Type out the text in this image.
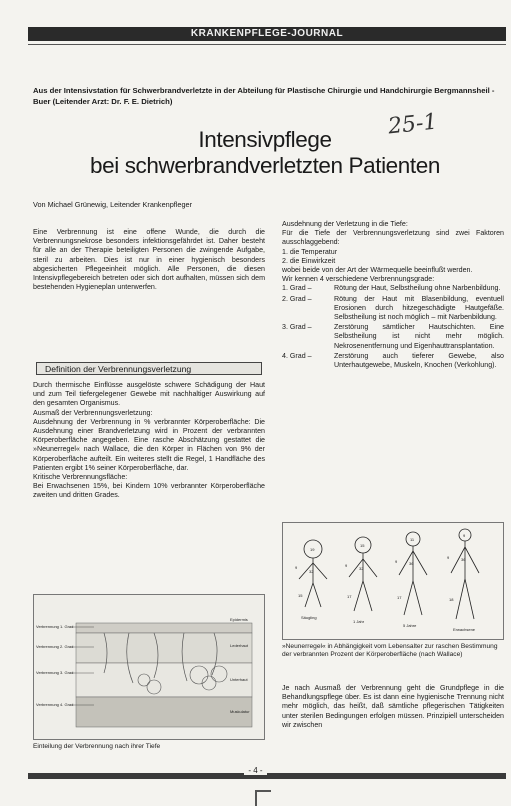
KRANKENPFLEGE-JOURNAL
Aus der Intensivstation für Schwerbrandverletzte in der Abteilung für Plastische Chirurgie und Handchirurgie Bergmannsheil - Buer (Leitender Arzt: Dr. F. E. Dietrich)
25-1
Intensivpflege
bei schwerbrandverletzten Patienten
Von Michael Grünewig, Leitender Krankenpfleger

Eine Verbrennung ist eine offene Wunde, die durch die Verbrennungsnekrose besonders infektionsgefährdet ist. Daher besteht für alle an der Therapie beteiligten Personen die zwingende Aufgabe, steril zu arbeiten. Dies ist nur in einer hygienisch besonders abgesicherten Pflegeeinheit möglich. Alle Personen, die diesen Intensivpflegebereich betreten oder sich dort aufhalten, müssen sich dem bestehenden Hygieneplan unterwerfen.

Definition der Verbrennungsverletzung

Durch thermische Einflüsse ausgelöste schwere Schädigung der Haut und zum Teil tiefergelegener Gewebe mit nachhaltiger Auswirkung auf den gesamten Organismus.

Ausmaß der Verbrennungsverletzung:

Ausdehnung der Verbrennung in % verbrannter Körperoberfläche: Die Ausdehnung einer Brandverletzung wird in Prozent der verbrannten Körperoberfläche angegeben. Eine rasche Abschätzung gestattet die »Neunerregel« nach Wallace, die den Körper in Flächen von 9% der Körperoberfläche aufteilt. Ein weiteres stellt die Regel, 1 Handfläche des Patienten ergibt 1% seiner Körperoberfläche, dar.

Kritische Verbrennungsfläche:

Bei Erwachsenen 15%, bei Kindern 10% verbrannter Körperoberfläche zweiten und dritten Grades.

Verbrennung 1. Grad
Verbrennung 2. Grad
Verbrennung 3. Grad
Verbrennung 4. Grad
Epidermis
Lederhaut
Unterhaut
Muskulatur
Einteilung der Verbrennung nach ihrer Tiefe

Ausdehnung der Verletzung in die Tiefe:

Für die Tiefe der Verbrennungsverletzung sind zwei Faktoren ausschlaggebend:

1. die Temperatur

2. die Einwirkzeit

wobei beide von der Art der Wärmequelle beeinflußt werden.

Wir kennen 4 verschiedene Verbrennungsgrade:

1. Grad –	Rötung der Haut, Selbstheilung ohne Narbenbildung.
2. Grad –	Rötung der Haut mit Blasenbildung, eventuell Erosionen durch hitzegeschädigte Hautgefäße. Selbstheilung ist noch möglich – mit Narbenbildung.
3. Grad –	Zerstörung sämtlicher Hautschichten. Eine Selbstheilung ist nicht mehr möglich. Nekrosenentfernung und Eigenhauttransplantation.
4. Grad –	Zerstörung auch tieferer Gewebe, also Unterhautgewebe, Muskeln, Knochen (Verkohlung).
19
9
32
15
Säugling
15
9
32
17
1 Jahr
11
9	36
17
5 Jahre
9
9	36
18
Erwachsene
»Neunerregel« in Abhängigkeit vom Lebensalter zur raschen Bestimmung der verbrannten Prozent der Körperoberfläche (nach Wallace)

Je nach Ausmaß der Verbrennung geht die Grundpflege in die Behandlungspflege über. Es ist dann eine hygienische Trennung nicht mehr möglich, das heißt, daß sämtliche pflegerischen Tätigkeiten unter sterilen Bedingungen erfolgen müssen. Prinzipiell unterscheiden wir zwischen

- 4 -
